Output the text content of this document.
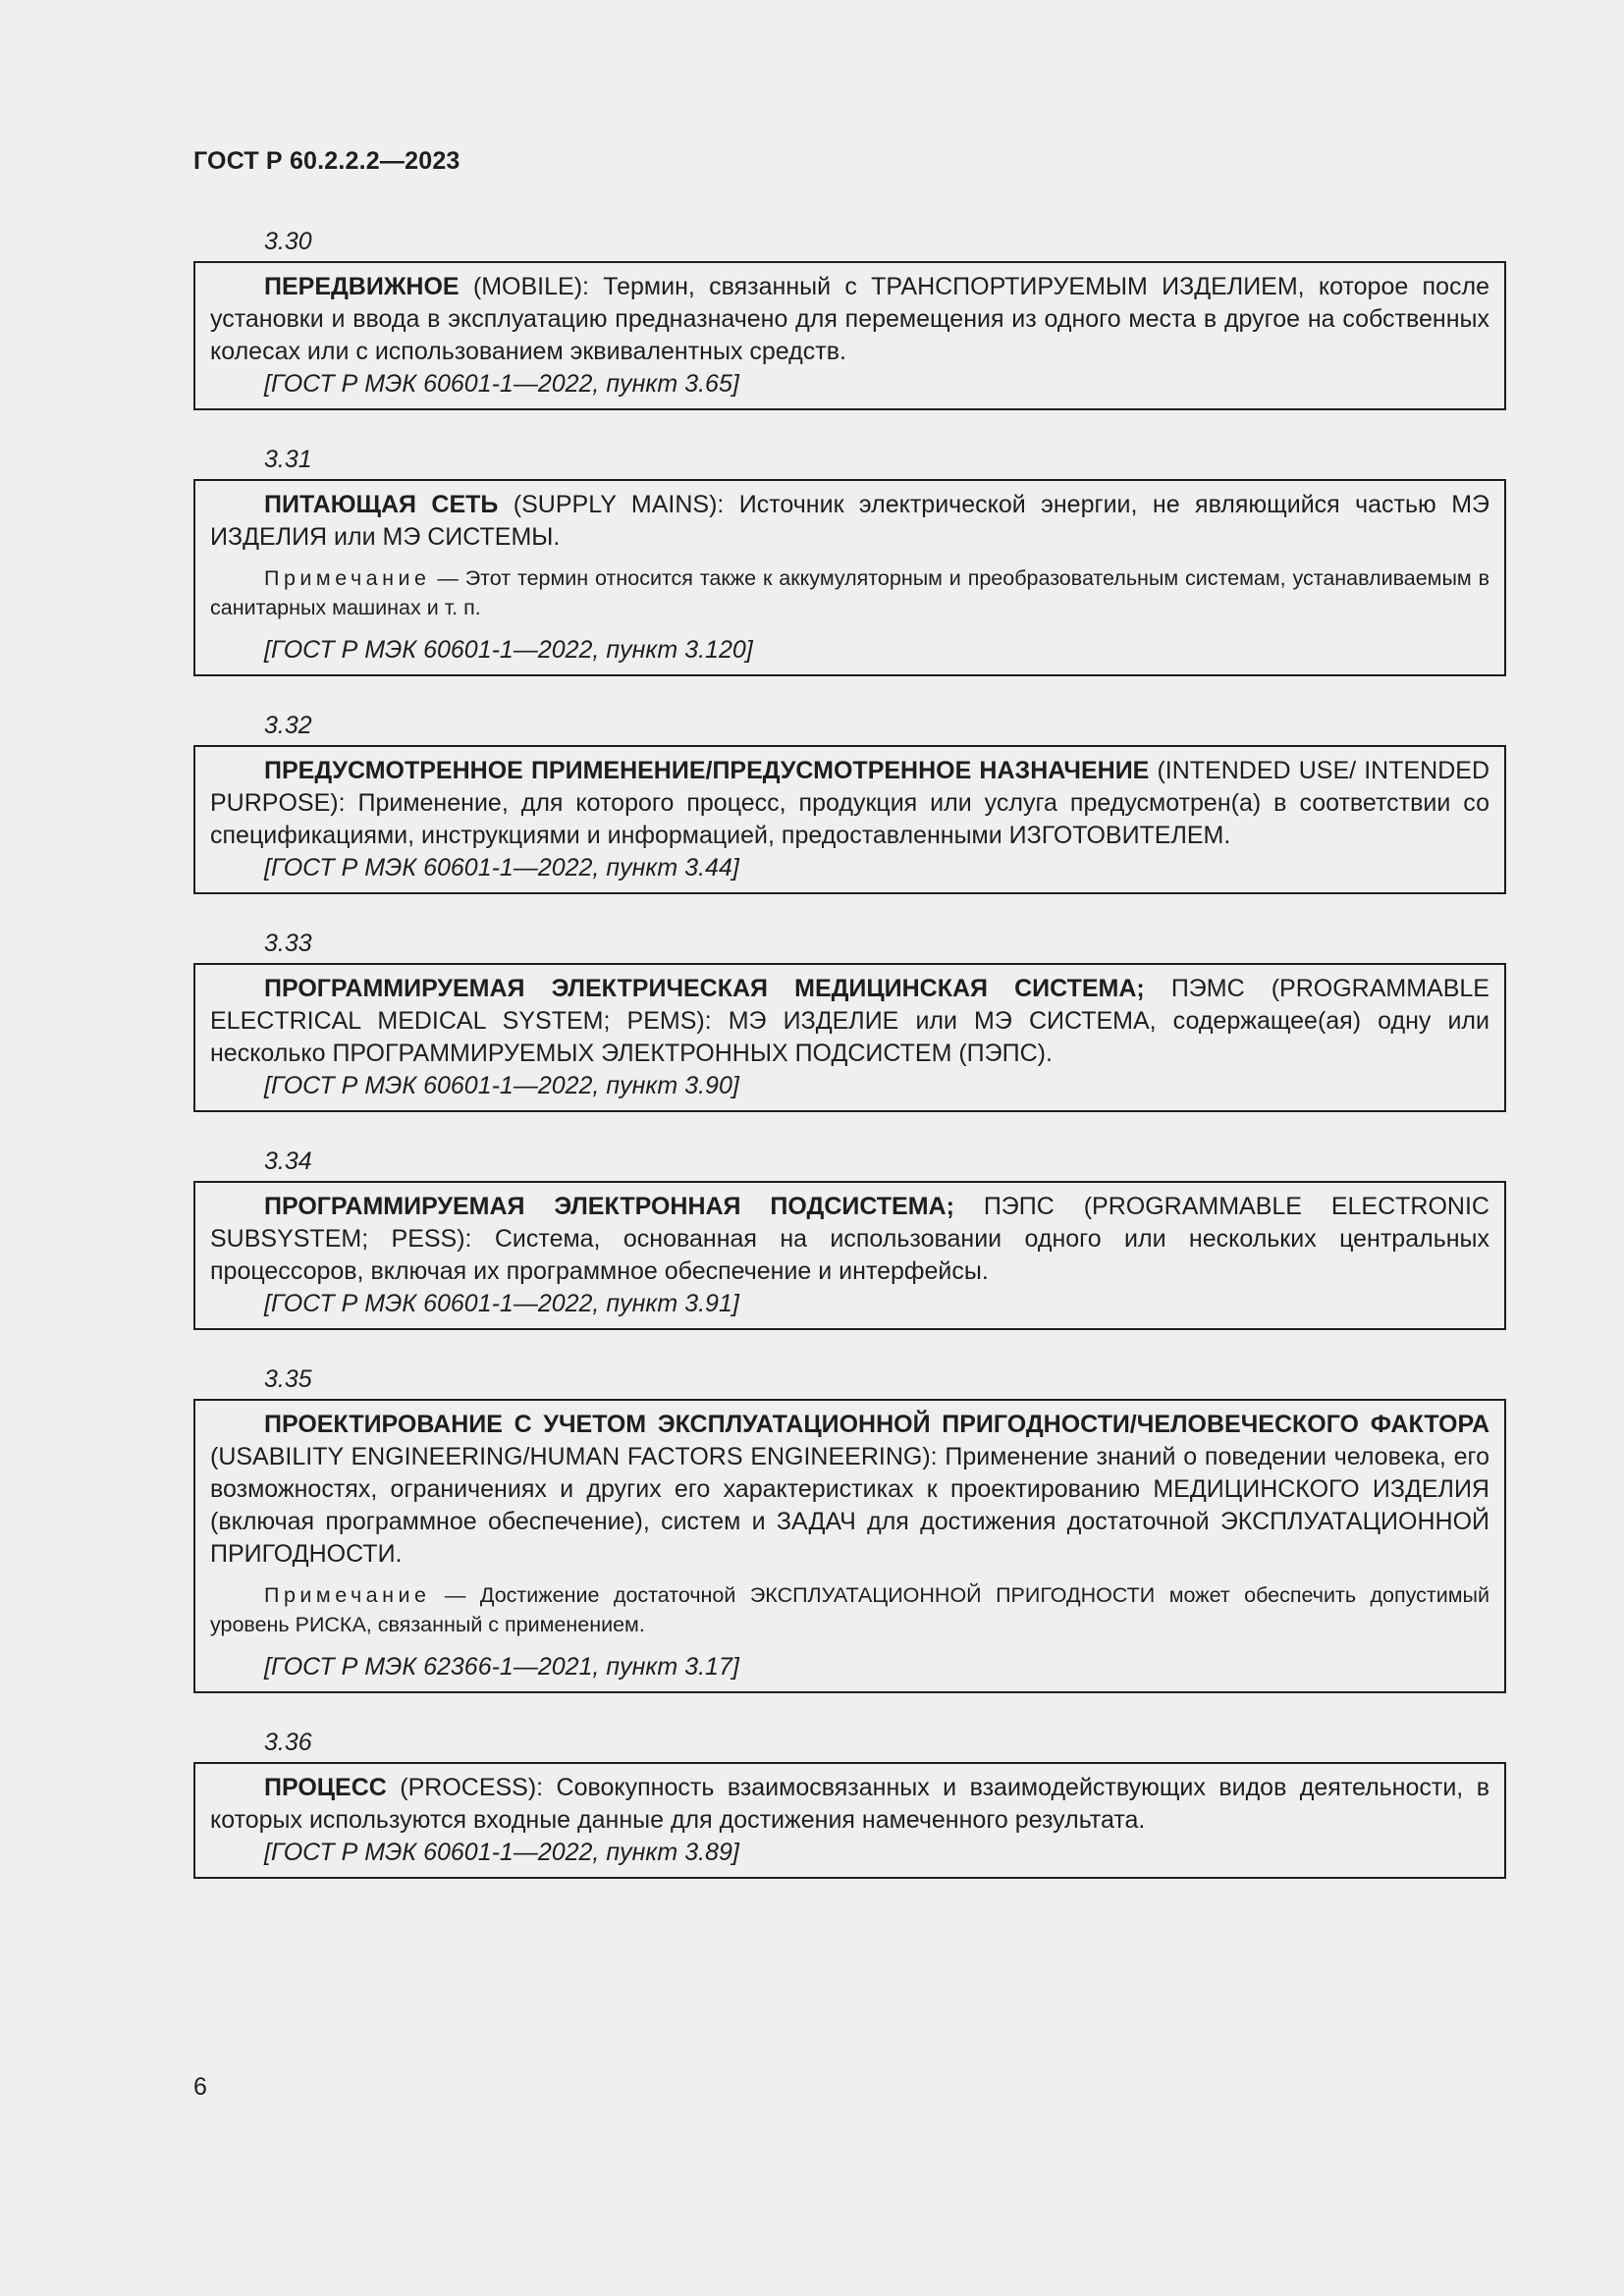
ГОСТ Р 60.2.2.2—2023
3.30

ПЕРЕДВИЖНОЕ (MOBILE): Термин, связанный с ТРАНСПОРТИРУЕМЫМ ИЗДЕЛИЕМ, которое после установки и ввода в эксплуатацию предназначено для перемещения из одного места в другое на собственных колесах или с использованием эквивалентных средств.

[ГОСТ Р МЭК 60601-1—2022, пункт 3.65]

3.31

ПИТАЮЩАЯ СЕТЬ (SUPPLY MAINS): Источник электрической энергии, не являющийся частью МЭ ИЗДЕЛИЯ или МЭ СИСТЕМЫ.

Примечание — Этот термин относится также к аккумуляторным и преобразовательным системам, устанавливаемым в санитарных машинах и т. п.

[ГОСТ Р МЭК 60601-1—2022, пункт 3.120]

3.32

ПРЕДУСМОТРЕННОЕ ПРИМЕНЕНИЕ/ПРЕДУСМОТРЕННОЕ НАЗНАЧЕНИЕ (INTENDED USE/ INTENDED PURPOSE): Применение, для которого процесс, продукция или услуга предусмотрен(а) в соответствии со спецификациями, инструкциями и информацией, предоставленными ИЗГОТОВИТЕЛЕМ.

[ГОСТ Р МЭК 60601-1—2022, пункт 3.44]

3.33

ПРОГРАММИРУЕМАЯ ЭЛЕКТРИЧЕСКАЯ МЕДИЦИНСКАЯ СИСТЕМА; ПЭМС (PROGRAMMABLE ELECTRICAL MEDICAL SYSTEM; PEMS): МЭ ИЗДЕЛИЕ или МЭ СИСТЕМА, содержащее(ая) одну или несколько ПРОГРАММИРУЕМЫХ ЭЛЕКТРОННЫХ ПОДСИСТЕМ (ПЭПС).

[ГОСТ Р МЭК 60601-1—2022, пункт 3.90]

3.34

ПРОГРАММИРУЕМАЯ ЭЛЕКТРОННАЯ ПОДСИСТЕМА; ПЭПС (PROGRAMMABLE ELECTRONIC SUBSYSTEM; PESS): Система, основанная на использовании одного или нескольких центральных процессоров, включая их программное обеспечение и интерфейсы.

[ГОСТ Р МЭК 60601-1—2022, пункт 3.91]

3.35

ПРОЕКТИРОВАНИЕ С УЧЕТОМ ЭКСПЛУАТАЦИОННОЙ ПРИГОДНОСТИ/ЧЕЛОВЕЧЕСКОГО ФАКТОРА (USABILITY ENGINEERING/HUMAN FACTORS ENGINEERING): Применение знаний о поведении человека, его возможностях, ограничениях и других его характеристиках к проектированию МЕДИЦИНСКОГО ИЗДЕЛИЯ (включая программное обеспечение), систем и ЗАДАЧ для достижения достаточной ЭКСПЛУАТАЦИОННОЙ ПРИГОДНОСТИ.

Примечание — Достижение достаточной ЭКСПЛУАТАЦИОННОЙ ПРИГОДНОСТИ может обеспечить допустимый уровень РИСКА, связанный с применением.

[ГОСТ Р МЭК 62366-1—2021, пункт 3.17]

3.36

ПРОЦЕСС (PROCESS): Совокупность взаимосвязанных и взаимодействующих видов деятельности, в которых используются входные данные для достижения намеченного результата.

[ГОСТ Р МЭК 60601-1—2022, пункт 3.89]

6
